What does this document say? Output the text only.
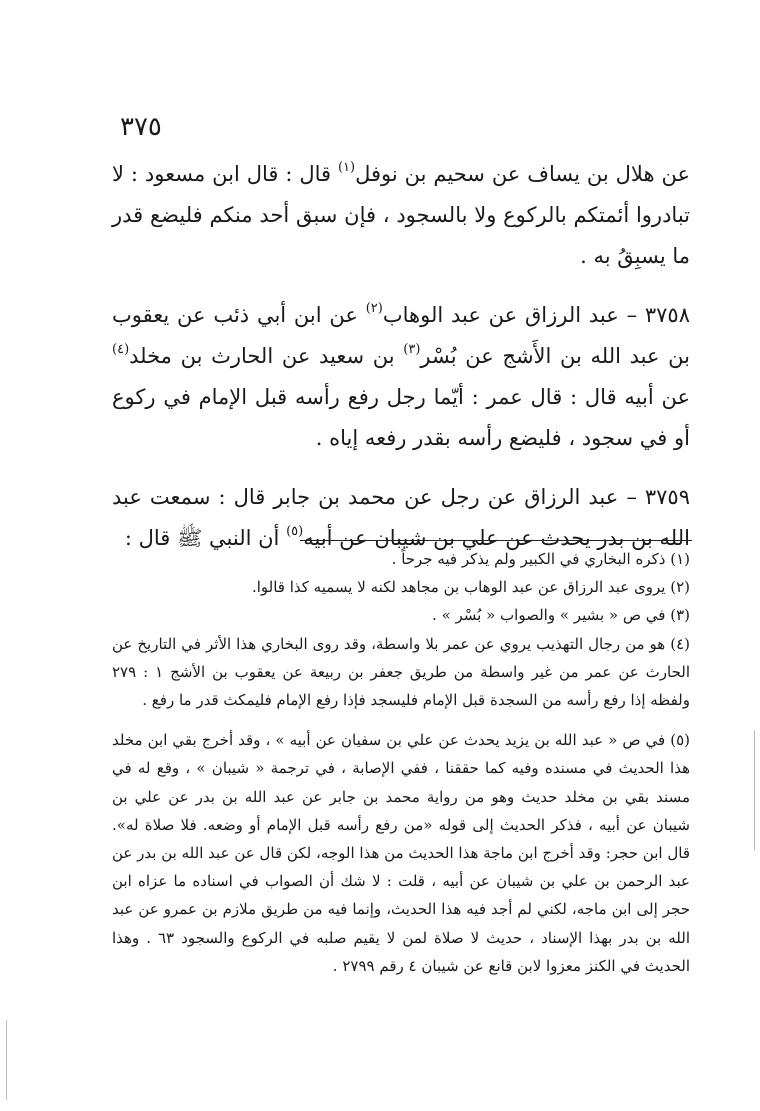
٣٧٥

عن هلال بن يساف عن سحيم بن نوفل$^{(١)}$ قال : قال ابن مسعود : لا تبادروا أئمتكم بالركوع ولا بالسجود ، فإن سبق أحد منكم فليضع قدر ما يسبِقُ به .

٣٧٥٨ – عبد الرزاق عن عبد الوهاب$^{(٢)}$ عن ابن أبي ذئب عن يعقوب بن عبد الله بن الأَشج عن بُسْر$^{(٣)}$ بن سعيد عن الحارث بن مخلد$^{(٤)}$ عن أبيه قال : قال عمر : أيّما رجل رفع رأسه قبل الإمام في ركوع أو في سجود ، فليضع رأسه بقدر رفعه إياه .

٣٧٥٩ – عبد الرزاق عن رجل عن محمد بن جابر قال : سمعت عبد الله بن بدر يحدث عن علي بن شيبان عن أبيه$^{(٥)}$ أن النبي ﷺ قال :

(١) ذكره البخاري في الكبير ولم يذكر فيه جرحاً .

(٢) يروى عبد الرزاق عن عبد الوهاب بن مجاهد لكنه لا يسميه كذا قالوا.

(٣) في ص « بشير » والصواب « بُسْر » .

(٤) هو من رجال التهذيب يروي عن عمر بلا واسطة، وقد روى البخاري هذا الأثر في التاريخ عن الحارث عن عمر من غير واسطة من طريق جعفر بن ربيعة عن يعقوب بن الأشج ١ : ٢٧٩ ولفظه إذا رفع رأسه من السجدة قبل الإمام فليسجد فإذا رفع الإمام فليمكث قدر ما رفع .

(٥) في ص « عبد الله بن يزيد يحدث عن علي بن سفيان عن أبيه » ، وقد أخرج بقي ابن مخلد هذا الحديث في مسنده وفيه كما حققنا ، ففي الإصابة ، في ترجمة « شيبان » ، وقع له في مسند بقي بن مخلد حديث وهو من رواية محمد بن جابر عن عبد الله بن بدر عن علي بن شيبان عن أبيه ، فذكر الحديث إلى قوله «من رفع رأسه قبل الإمام أو وضعه. فلا صلاة له». قال ابن حجر: وقد أخرج ابن ماجة هذا الحديث من هذا الوجه، لكن قال عن عبد الله بن بدر عن عبد الرحمن بن علي بن شيبان عن أبيه ، قلت : لا شك أن الصواب في اسناده ما عزاه ابن حجر إلى ابن ماجه، لكني لم أجد فيه هذا الحديث، وإنما فيه من طريق ملازم بن عمرو عن عبد الله بن بدر بهذا الإسناد ، حديث لا صلاة لمن لا يقيم صلبه في الركوع والسجود ٦٣ . وهذا الحديث في الكنز معزوا لابن قانع عن شيبان ٤ رقم ٢٧٩٩ .
